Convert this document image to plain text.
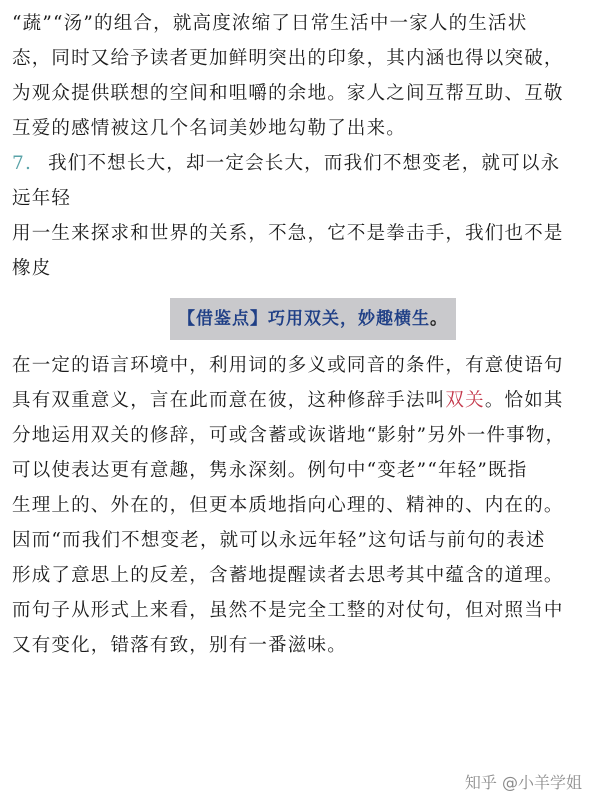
“蔬”“汤”的组合，就高度浓缩了日常生活中一家人的生活状
态，同时又给予读者更加鲜明突出的印象，其内涵也得以突破，
为观众提供联想的空间和咀嚼的余地。家人之间互帮互助、互敬
互爱的感情被这几个名词美妙地勾勒了出来。
7. 我们不想长大，却一定会长大，而我们不想变老，就可以永
远年轻
用一生来探求和世界的关系，不急，它不是拳击手，我们也不是
橡皮
【借鉴点】巧用双关，妙趣横生。
在一定的语言环境中，利用词的多义或同音的条件，有意使语句
具有双重意义，言在此而意在彼，这种修辞手法叫双关。恰如其
分地运用双关的修辞，可或含蓄或诙谐地“影射”另外一件事物，
可以使表达更有意趣，隽永深刻。例句中“变老”“年轻”既指
生理上的、外在的，但更本质地指向心理的、精神的、内在的。
因而“而我们不想变老，就可以永远年轻”这句话与前句的表述
形成了意思上的反差，含蓄地提醒读者去思考其中蕴含的道理。
而句子从形式上来看，虽然不是完全工整的对仗句，但对照当中
又有变化，错落有致，别有一番滋味。
知乎 @小羊学姐
